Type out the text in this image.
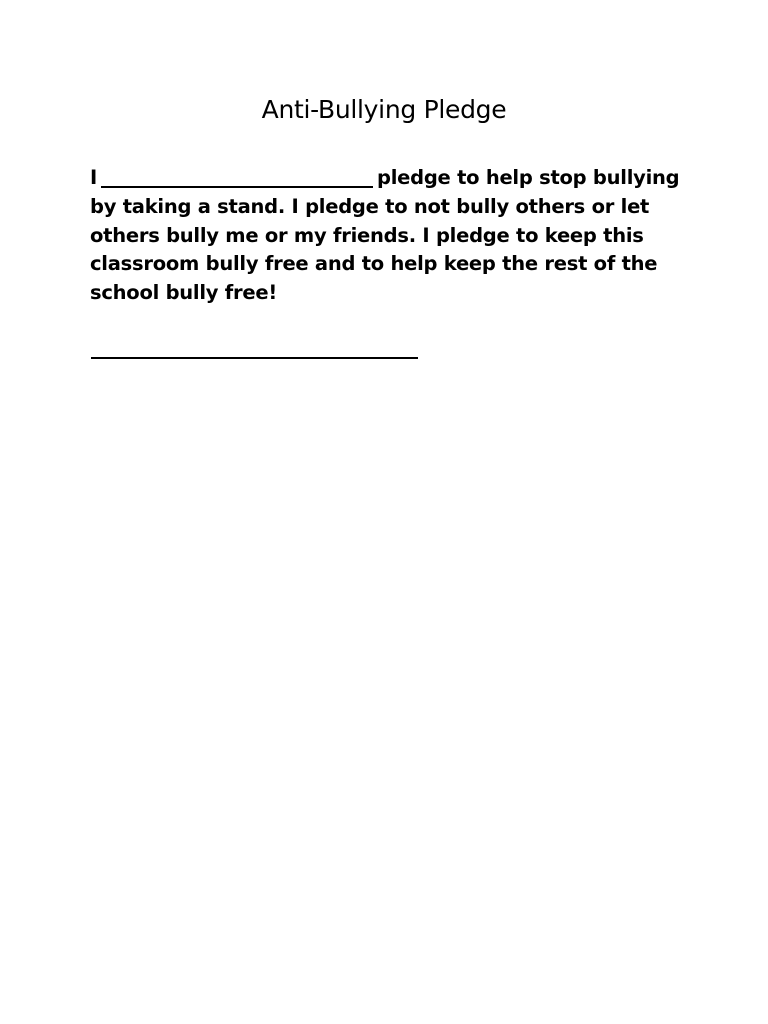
Anti-Bullying Pledge
I	pledge to help stop bullying
by taking a stand. I pledge to not bully others or let
others bully me or my friends. I pledge to keep this
classroom bully free and to help keep the rest of the
school bully free!
